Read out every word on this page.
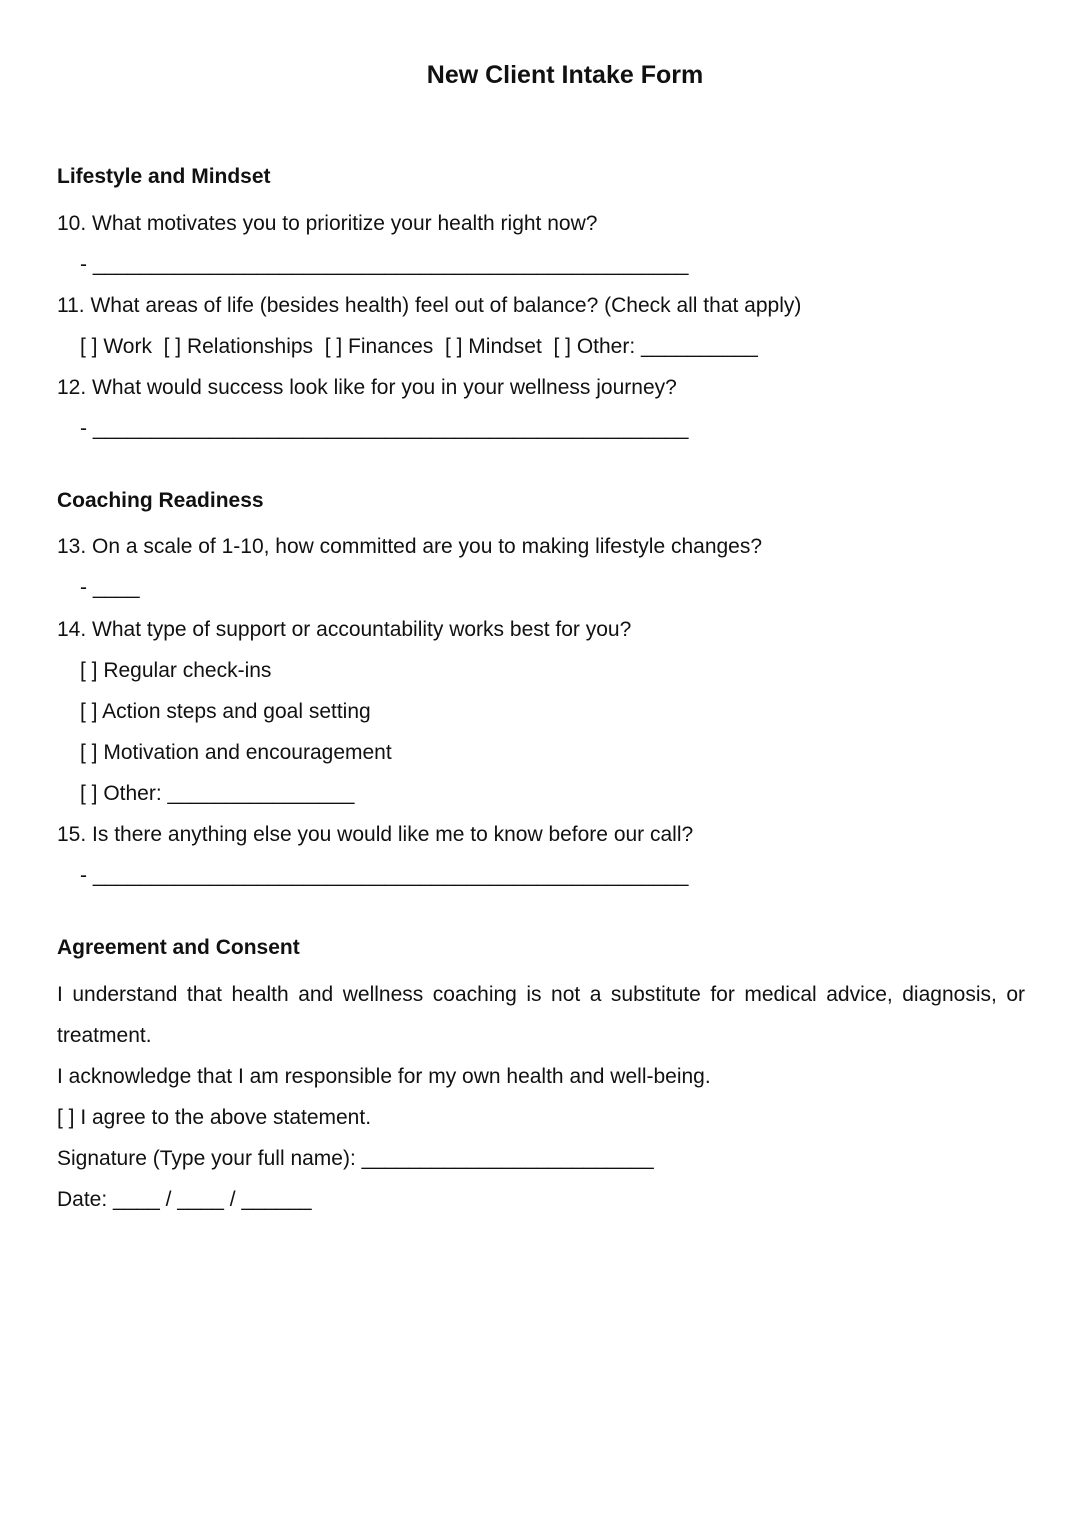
New Client Intake Form
Lifestyle and Mindset

10. What motivates you to prioritize your health right now?

- ___________________________________________________

11. What areas of life (besides health) feel out of balance? (Check all that apply)

[ ] Work [ ] Relationships [ ] Finances [ ] Mindset [ ] Other: __________

12. What would success look like for you in your wellness journey?

- ___________________________________________________

Coaching Readiness

13. On a scale of 1-10, how committed are you to making lifestyle changes?

- ____

14. What type of support or accountability works best for you?

[ ] Regular check-ins

[ ] Action steps and goal setting

[ ] Motivation and encouragement

[ ] Other: ________________

15. Is there anything else you would like me to know before our call?

- ___________________________________________________

Agreement and Consent

I understand that health and wellness coaching is not a substitute for medical advice, diagnosis, or treatment.

I acknowledge that I am responsible for my own health and well-being.

[ ] I agree to the above statement.

Signature (Type your full name): _________________________

Date: ____ / ____ / ______
